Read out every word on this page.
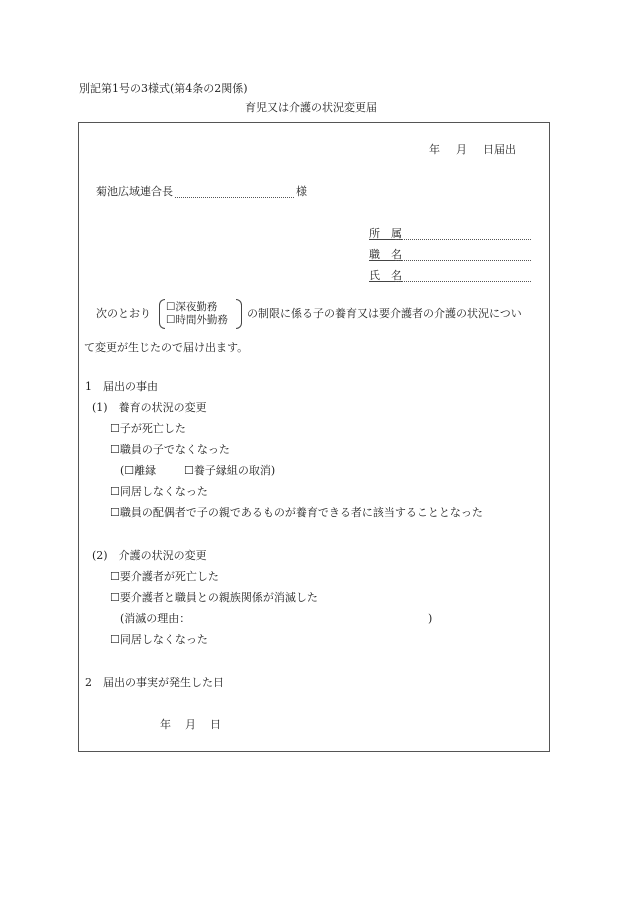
別記第1号の3様式(第4条の2関係)
育児又は介護の状況変更届
年 月 日届出
菊池広域連合長	様
所　属
職　名
氏　名
次のとおり ☐深夜勤務
☐時間外勤務 の制限に係る子の養育又は要介護者の介護の状況につい
て変更が生じたので届け出ます。
1　届出の事由
(1)　養育の状況の変更
☐子が死亡した
☐職員の子でなくなった
(☐離縁	☐養子縁組の取消)
☐同居しなくなった
☐職員の配偶者で子の親であるものが養育できる者に該当することとなった
(2)　介護の状況の変更
☐要介護者が死亡した
☐要介護者と職員との親族関係が消滅した
(消滅の理由：	)
☐同居しなくなった
2　届出の事実が発生した日
年 月 日
